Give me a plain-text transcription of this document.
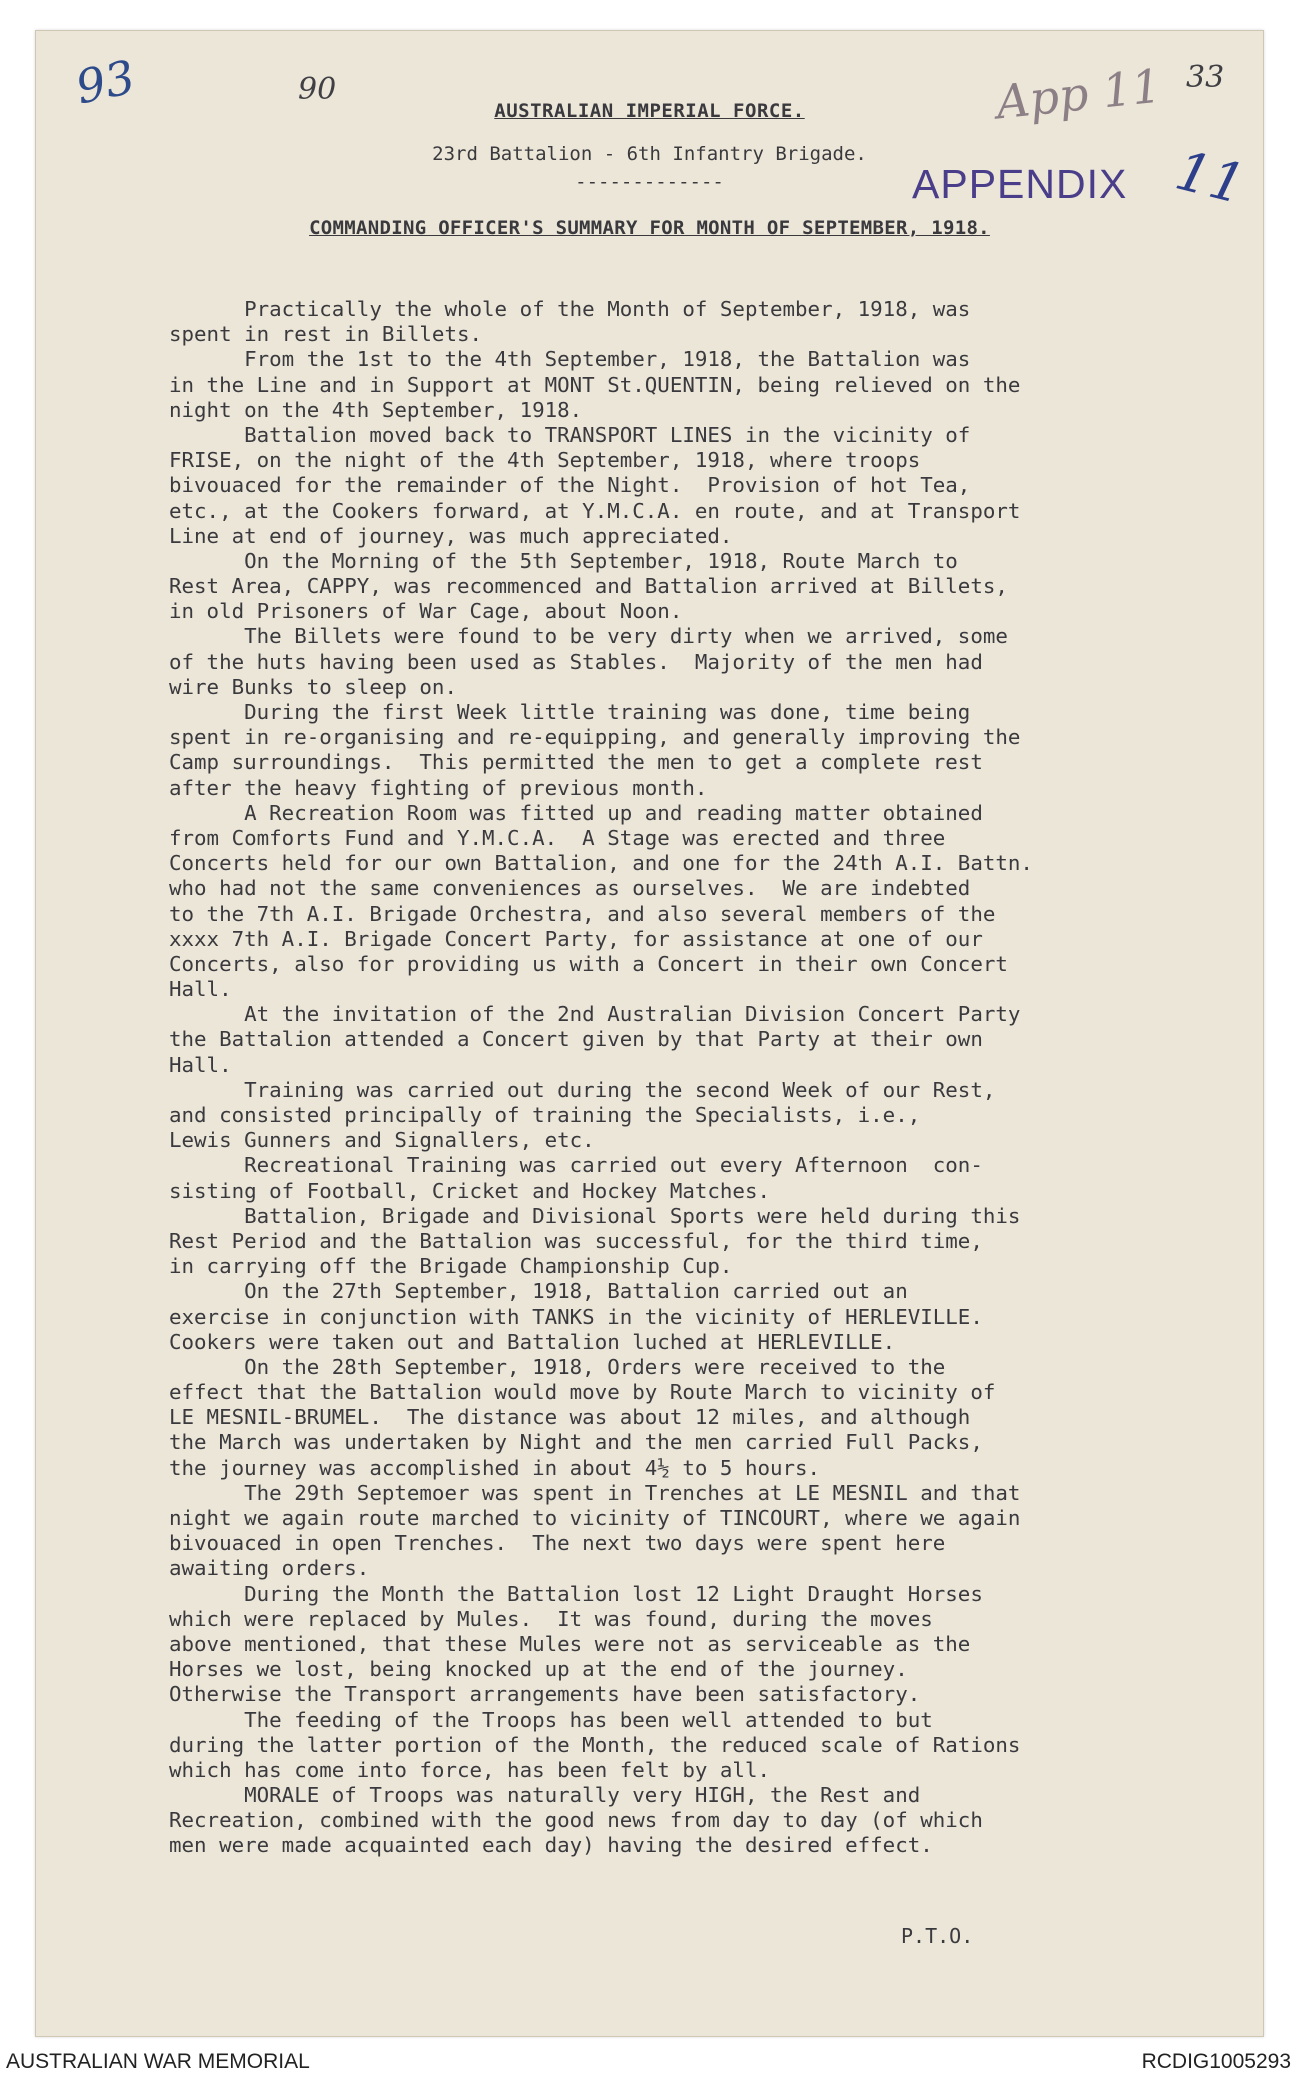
93	90	33
App 11
APPENDIX 11
AUSTRALIAN IMPERIAL FORCE.
23rd Battalion - 6th Infantry Brigade.
-------------
COMMANDING OFFICER'S SUMMARY FOR MONTH OF SEPTEMBER, 1918.
Practically the whole of the Month of September, 1918, was
spent in rest in Billets.
From the 1st to the 4th September, 1918, the Battalion was
in the Line and in Support at MONT St.QUENTIN, being relieved on the
night on the 4th September, 1918.
Battalion moved back to TRANSPORT LINES in the vicinity of
FRISE, on the night of the 4th September, 1918, where troops
bivouaced for the remainder of the Night.  Provision of hot Tea,
etc., at the Cookers forward, at Y.M.C.A. en route, and at Transport
Line at end of journey, was much appreciated.
On the Morning of the 5th September, 1918, Route March to
Rest Area, CAPPY, was recommenced and Battalion arrived at Billets,
in old Prisoners of War Cage, about Noon.
The Billets were found to be very dirty when we arrived, some
of the huts having been used as Stables.  Majority of the men had
wire Bunks to sleep on.
During the first Week little training was done, time being
spent in re-organising and re-equipping, and generally improving the
Camp surroundings.  This permitted the men to get a complete rest
after the heavy fighting of previous month.
A Recreation Room was fitted up and reading matter obtained
from Comforts Fund and Y.M.C.A.  A Stage was erected and three
Concerts held for our own Battalion, and one for the 24th A.I. Battn.
who had not the same conveniences as ourselves.  We are indebted
to the 7th A.I. Brigade Orchestra, and also several members of the
xxxx 7th A.I. Brigade Concert Party, for assistance at one of our
Concerts, also for providing us with a Concert in their own Concert
Hall.
At the invitation of the 2nd Australian Division Concert Party
the Battalion attended a Concert given by that Party at their own
Hall.
Training was carried out during the second Week of our Rest,
and consisted principally of training the Specialists, i.e.,
Lewis Gunners and Signallers, etc.
Recreational Training was carried out every Afternoon  con-
sisting of Football, Cricket and Hockey Matches.
Battalion, Brigade and Divisional Sports were held during this
Rest Period and the Battalion was successful, for the third time,
in carrying off the Brigade Championship Cup.
On the 27th September, 1918, Battalion carried out an
exercise in conjunction with TANKS in the vicinity of HERLEVILLE.
Cookers were taken out and Battalion luched at HERLEVILLE.
On the 28th September, 1918, Orders were received to the
effect that the Battalion would move by Route March to vicinity of
LE MESNIL-BRUMEL.  The distance was about 12 miles, and although
the March was undertaken by Night and the men carried Full Packs,
the journey was accomplished in about 4½ to 5 hours.
The 29th Septemoer was spent in Trenches at LE MESNIL and that
night we again route marched to vicinity of TINCOURT, where we again
bivouaced in open Trenches.  The next two days were spent here
awaiting orders.
During the Month the Battalion lost 12 Light Draught Horses
which were replaced by Mules.  It was found, during the moves
above mentioned, that these Mules were not as serviceable as the
Horses we lost, being knocked up at the end of the journey.
Otherwise the Transport arrangements have been satisfactory.
The feeding of the Troops has been well attended to but
during the latter portion of the Month, the reduced scale of Rations
which has come into force, has been felt by all.
MORALE of Troops was naturally very HIGH, the Rest and
Recreation, combined with the good news from day to day (of which
men were made acquainted each day) having the desired effect.
P.T.O.
AUSTRALIAN WAR MEMORIAL	RCDIG1005293
